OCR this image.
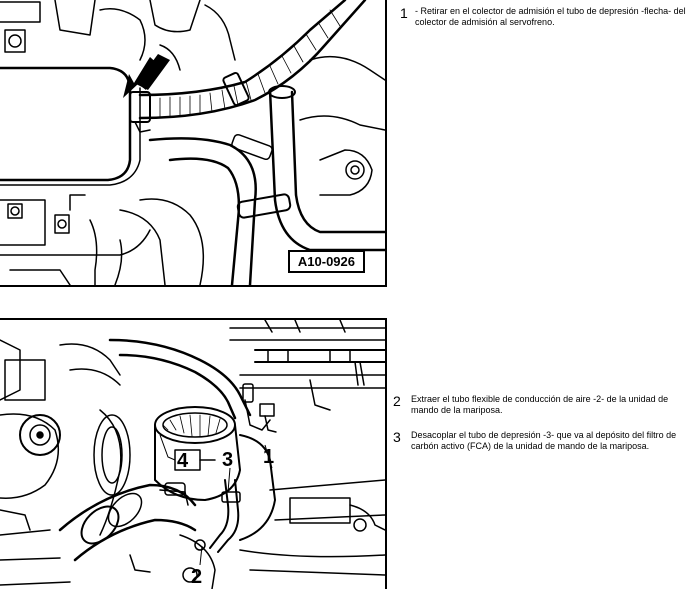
A10-0926
1
2
3
4
1 - Retirar en el colector de admisión el tubo de depresión -flecha- del colector de admisión al servofreno.
2	Extraer el tubo flexible de conducción de aire -2- de la unidad de mando de la mariposa.
3	Desacoplar el tubo de depresión -3- que va al depósito del filtro de carbón activo (FCA) de la unidad de mando de la mariposa.
